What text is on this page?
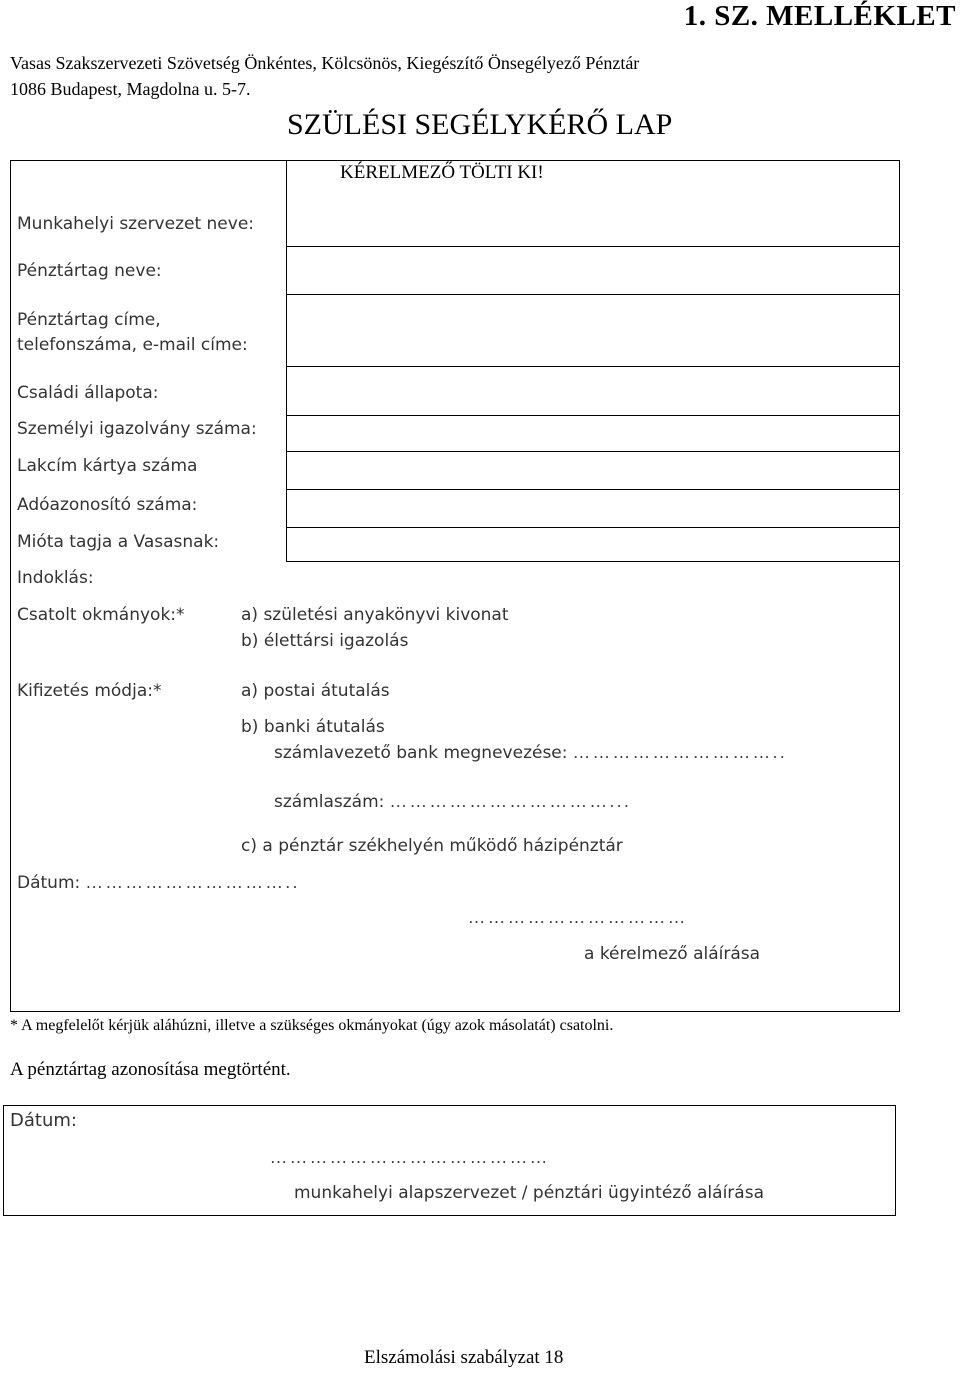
1. SZ. MELLÉKLET
Vasas Szakszervezeti Szövetség Önkéntes, Kölcsönös, Kiegészítő Önsegélyező Pénztár
1086 Budapest, Magdolna u. 5-7.
SZÜLÉSI SEGÉLYKÉRŐ LAP
KÉRELMEZŐ TÖLTI KI!
Munkahelyi szervezet neve:
Pénztártag neve:
Pénztártag címe,
telefonszáma, e-mail címe:
Családi állapota:
Személyi igazolvány száma:
Lakcím kártya száma
Adóazonosító száma:
Mióta tagja a Vasasnak:
Indoklás:
Csatolt okmányok:*	a) születési anyakönyvi kivonat
b) élettársi igazolás
Kifizetés módja:*	a) postai átutalás
b) banki átutalás
számlavezető bank megnevezése: …………………………..
számlaszám: ……………………………...
c) a pénztár székhelyén működő házipénztár
Dátum: …………………………..
……………………………
a kérelmező aláírása
* A megfelelőt kérjük aláhúzni, illetve a szükséges okmányokat (úgy azok másolatát) csatolni.
A pénztártag azonosítása megtörtént.
Dátum:
……………………………………
munkahelyi alapszervezet / pénztári ügyintéző aláírása
Elszámolási szabályzat 18
